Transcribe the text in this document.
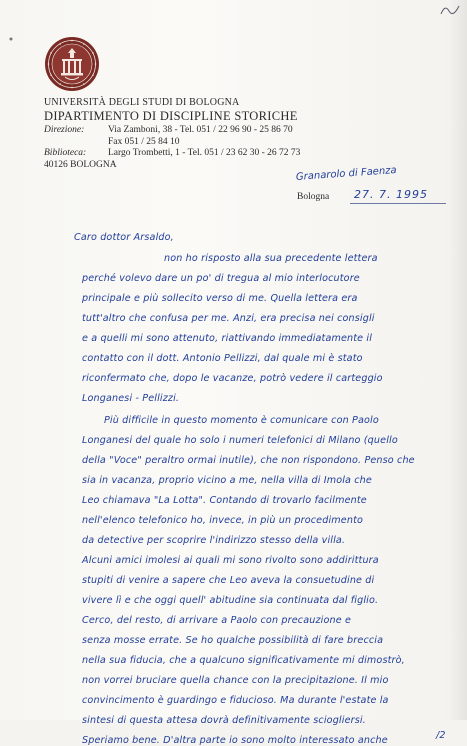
UNIVERSITÀ DEGLI STUDI DI BOLOGNA
DIPARTIMENTO DI DISCIPLINE STORICHE
Direzione:	Via Zamboni, 38 - Tel. 051 / 22 96 90 - 25 86 70
Fax 051 / 25 84 10
Biblioteca:	Largo Trombetti, 1 - Tel. 051 / 23 62 30 - 26 72 73
40126 BOLOGNA
Granarolo di Faenza
Bologna 27. 7. 1995
Caro dottor Arsaldo,
non ho risposto alla sua precedente lettera
perché volevo dare un po' di tregua al mio interlocutore
principale e più sollecito verso di me. Quella lettera era
tutt'altro che confusa per me. Anzi, era precisa nei consigli
e a quelli mi sono attenuto, riattivando immediatamente il
contatto con il dott. Antonio Pellizzi, dal quale mi è stato
riconfermato che, dopo le vacanze, potrò vedere il carteggio
Longanesi - Pellizzi.
Più difficile in questo momento è comunicare con Paolo
Longanesi del quale ho solo i numeri telefonici di Milano (quello
della "Voce" peraltro ormai inutile), che non rispondono. Penso che
sia in vacanza, proprio vicino a me, nella villa di Imola che
Leo chiamava "La Lotta". Contando di trovarlo facilmente
nell'elenco telefonico ho, invece, in più un procedimento
da detective per scoprire l'indirizzo stesso della villa.
Alcuni amici imolesi ai quali mi sono rivolto sono addirittura
stupiti di venire a sapere che Leo aveva la consuetudine di
vivere lì e che oggi quell' abitudine sia continuata dal figlio.
Cerco, del resto, di arrivare a Paolo con precauzione e
senza mosse errate. Se ho qualche possibilità di fare breccia
nella sua fiducia, che a qualcuno significativamente mi dimostrò,
non vorrei bruciare quella chance con la precipitazione. Il mio
convincimento è guardingo e fiducioso. Ma durante l'estate la
sintesi di questa attesa dovrà definitivamente sciogliersi.
Speriamo bene. D'altra parte io sono molto interessato anche	/2
